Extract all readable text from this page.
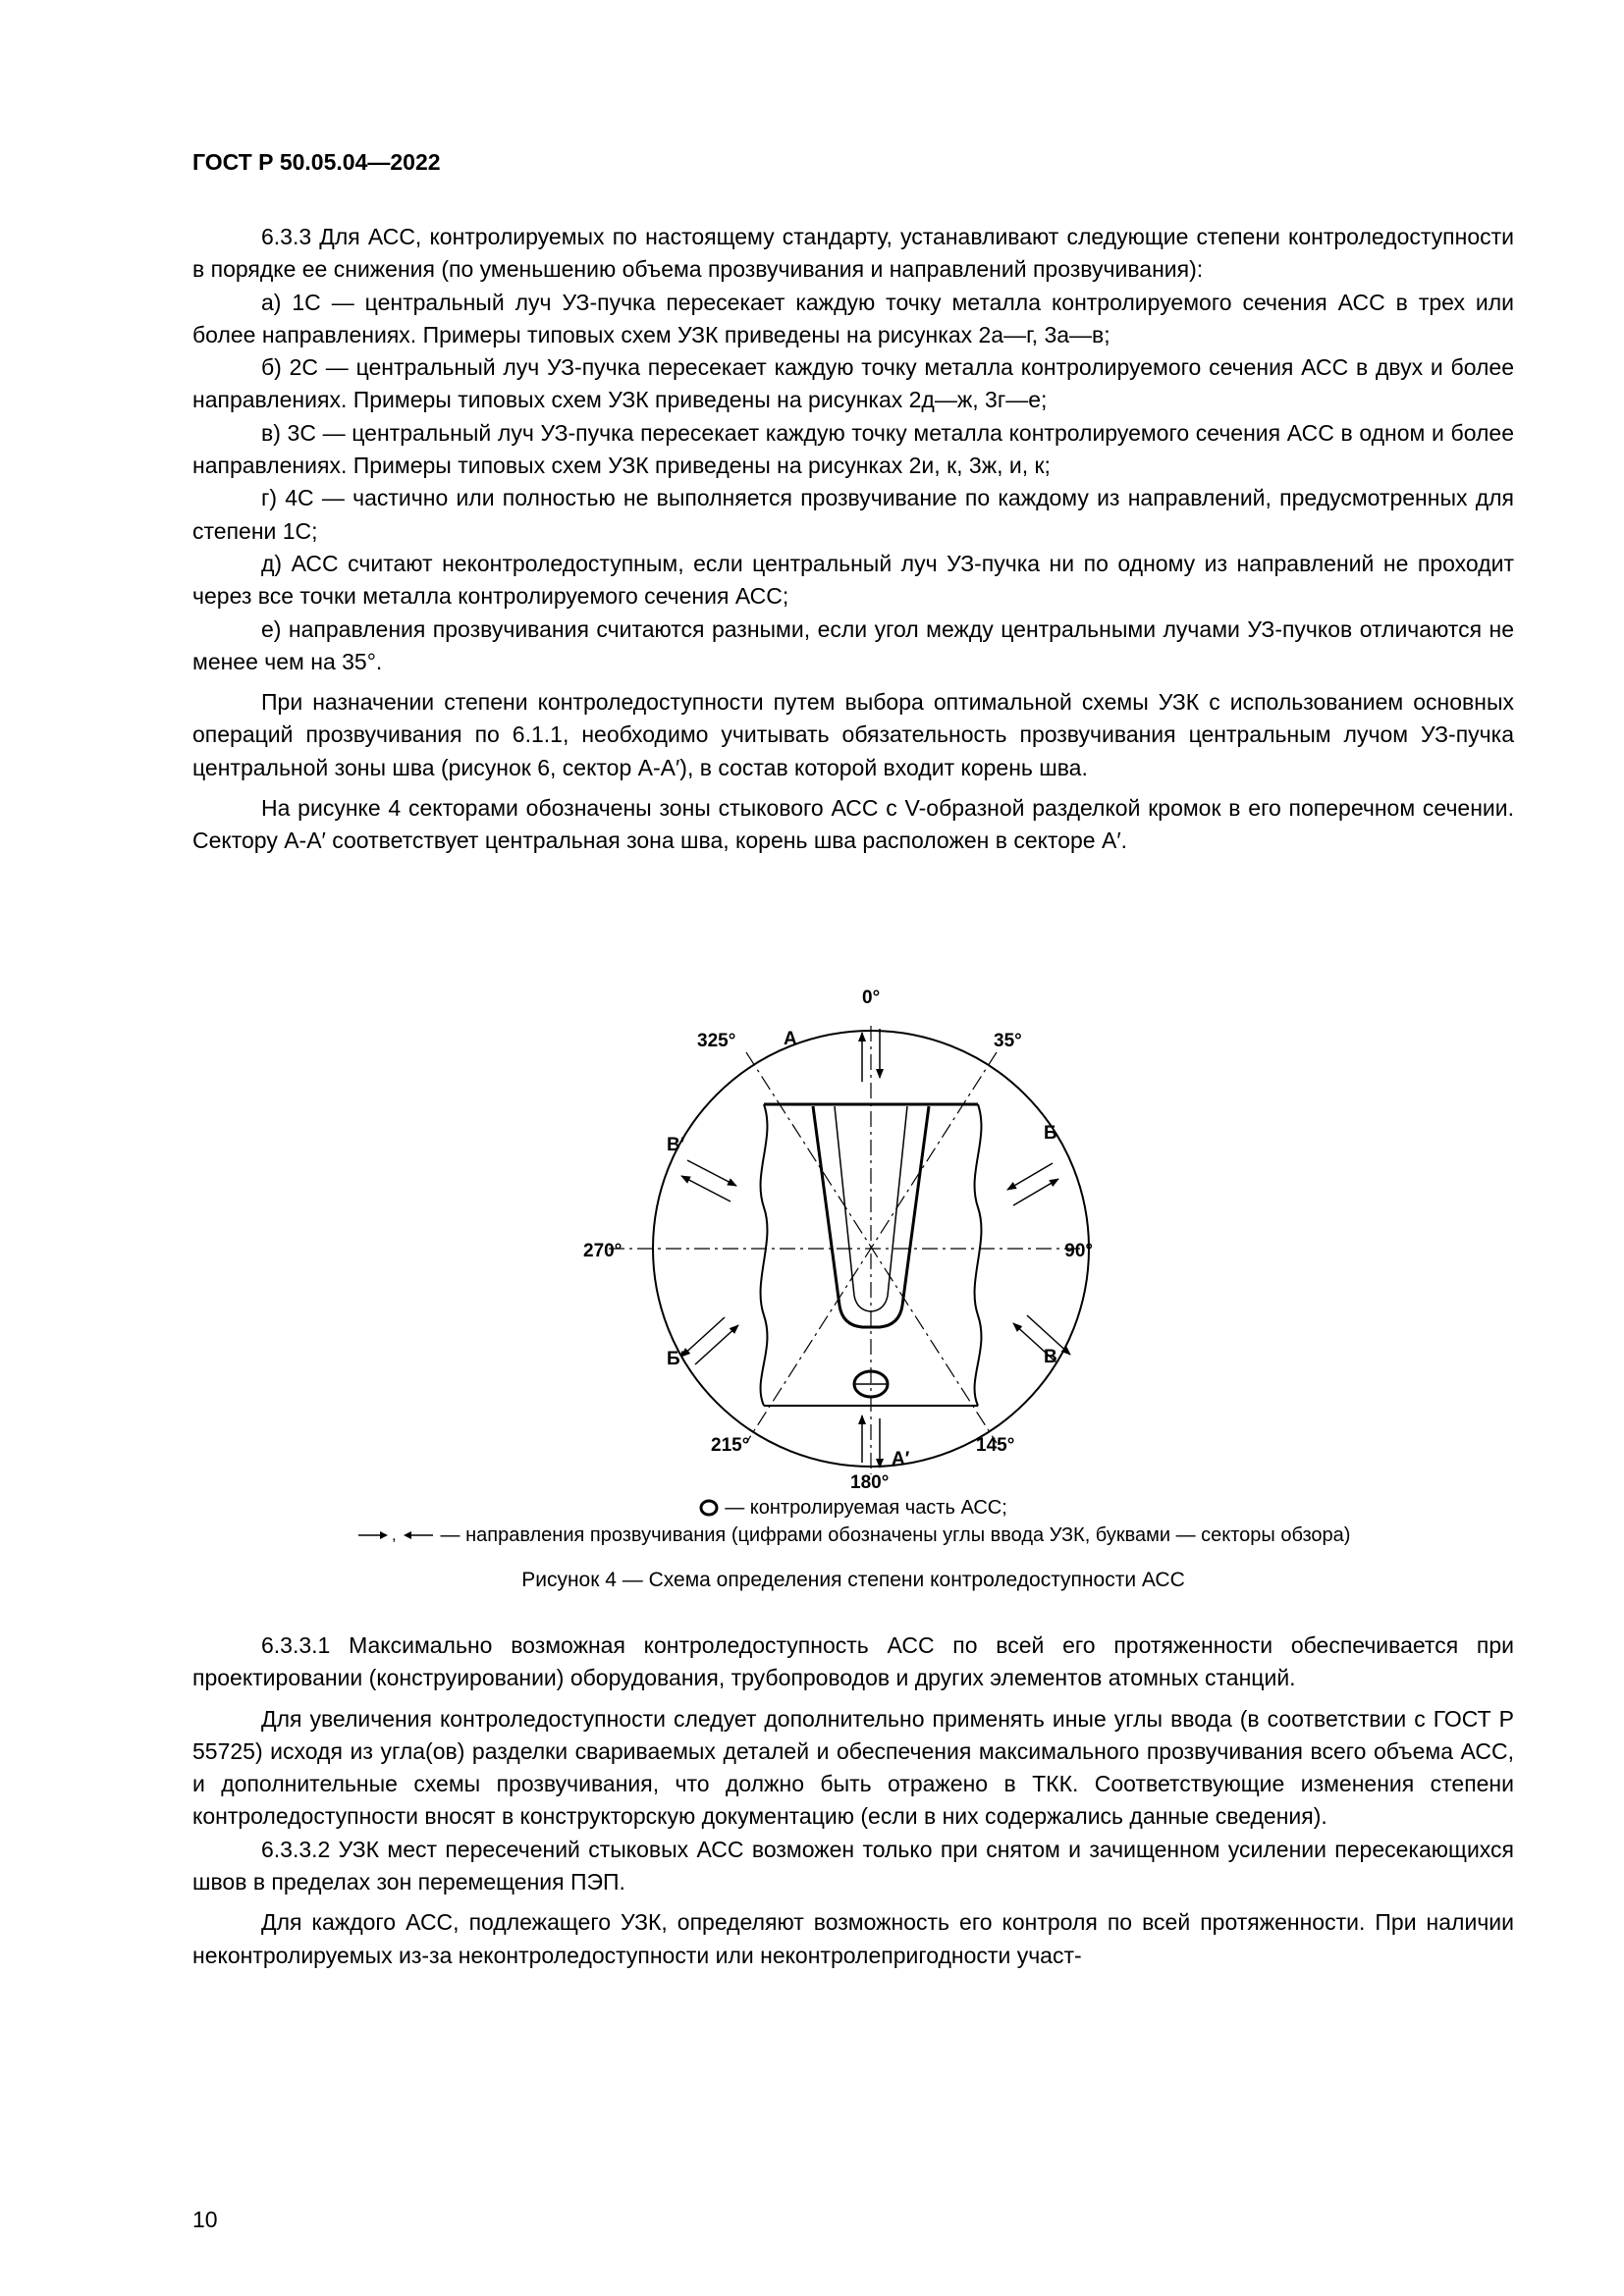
ГОСТ Р 50.05.04—2022

6.3.3 Для АСС, контролируемых по настоящему стандарту, устанавливают следующие степени контроледоступности в порядке ее снижения (по уменьшению объема прозвучивания и направлений прозвучивания):

а) 1С — центральный луч УЗ-пучка пересекает каждую точку металла контролируемого сечения АСС в трех или более направлениях. Примеры типовых схем УЗК приведены на рисунках 2а—г, 3а—в;

б) 2С — центральный луч УЗ-пучка пересекает каждую точку металла контролируемого сечения АСС в двух и более направлениях. Примеры типовых схем УЗК приведены на рисунках 2д—ж, 3г—е;

в) 3С — центральный луч УЗ-пучка пересекает каждую точку металла контролируемого сечения АСС в одном и более направлениях. Примеры типовых схем УЗК приведены на рисунках 2и, к, 3ж, и, к;

г) 4С — частично или полностью не выполняется прозвучивание по каждому из направлений, предусмотренных для степени 1С;

д) АСС считают неконтроледоступным, если центральный луч УЗ-пучка ни по одному из направлений не проходит через все точки металла контролируемого сечения АСС;

е) направления прозвучивания считаются разными, если угол между центральными лучами УЗ-пучков отличаются не менее чем на 35°.

При назначении степени контроледоступности путем выбора оптимальной схемы УЗК с использованием основных операций прозвучивания по 6.1.1, необходимо учитывать обязательность прозвучивания центральным лучом УЗ-пучка центральной зоны шва (рисунок 6, сектор А-А′), в состав которой входит корень шва.

На рисунке 4 секторами обозначены зоны стыкового АСС с V-образной разделкой кромок в его поперечном сечении. Сектору А-А′ соответствует центральная зона шва, корень шва расположен в секторе А′.

0°
325°	А	35°
В′
Б
270°	90°
Б′	В
215°
А′
145°
180°
— контролируемая часть АСС;
, — направления прозвучивания (цифрами обозначены углы ввода УЗК, буквами — секторы обзора)
Рисунок 4 — Схема определения степени контроледоступности АСС

6.3.3.1 Максимально возможная контроледоступность АСС по всей его протяженности обеспечивается при проектировании (конструировании) оборудования, трубопроводов и других элементов атомных станций.

Для увеличения контроледоступности следует дополнительно применять иные углы ввода (в соответствии с ГОСТ Р 55725) исходя из угла(ов) разделки свариваемых деталей и обеспечения максимального прозвучивания всего объема АСС, и дополнительные схемы прозвучивания, что должно быть отражено в ТКК. Соответствующие изменения степени контроледоступности вносят в конструкторскую документацию (если в них содержались данные сведения).

6.3.3.2 УЗК мест пересечений стыковых АСС возможен только при снятом и зачищенном усилении пересекающихся швов в пределах зон перемещения ПЭП.

Для каждого АСС, подлежащего УЗК, определяют возможность его контроля по всей протяженности. При наличии неконтролируемых из-за неконтроледоступности или неконтролепригодности участ-

10
